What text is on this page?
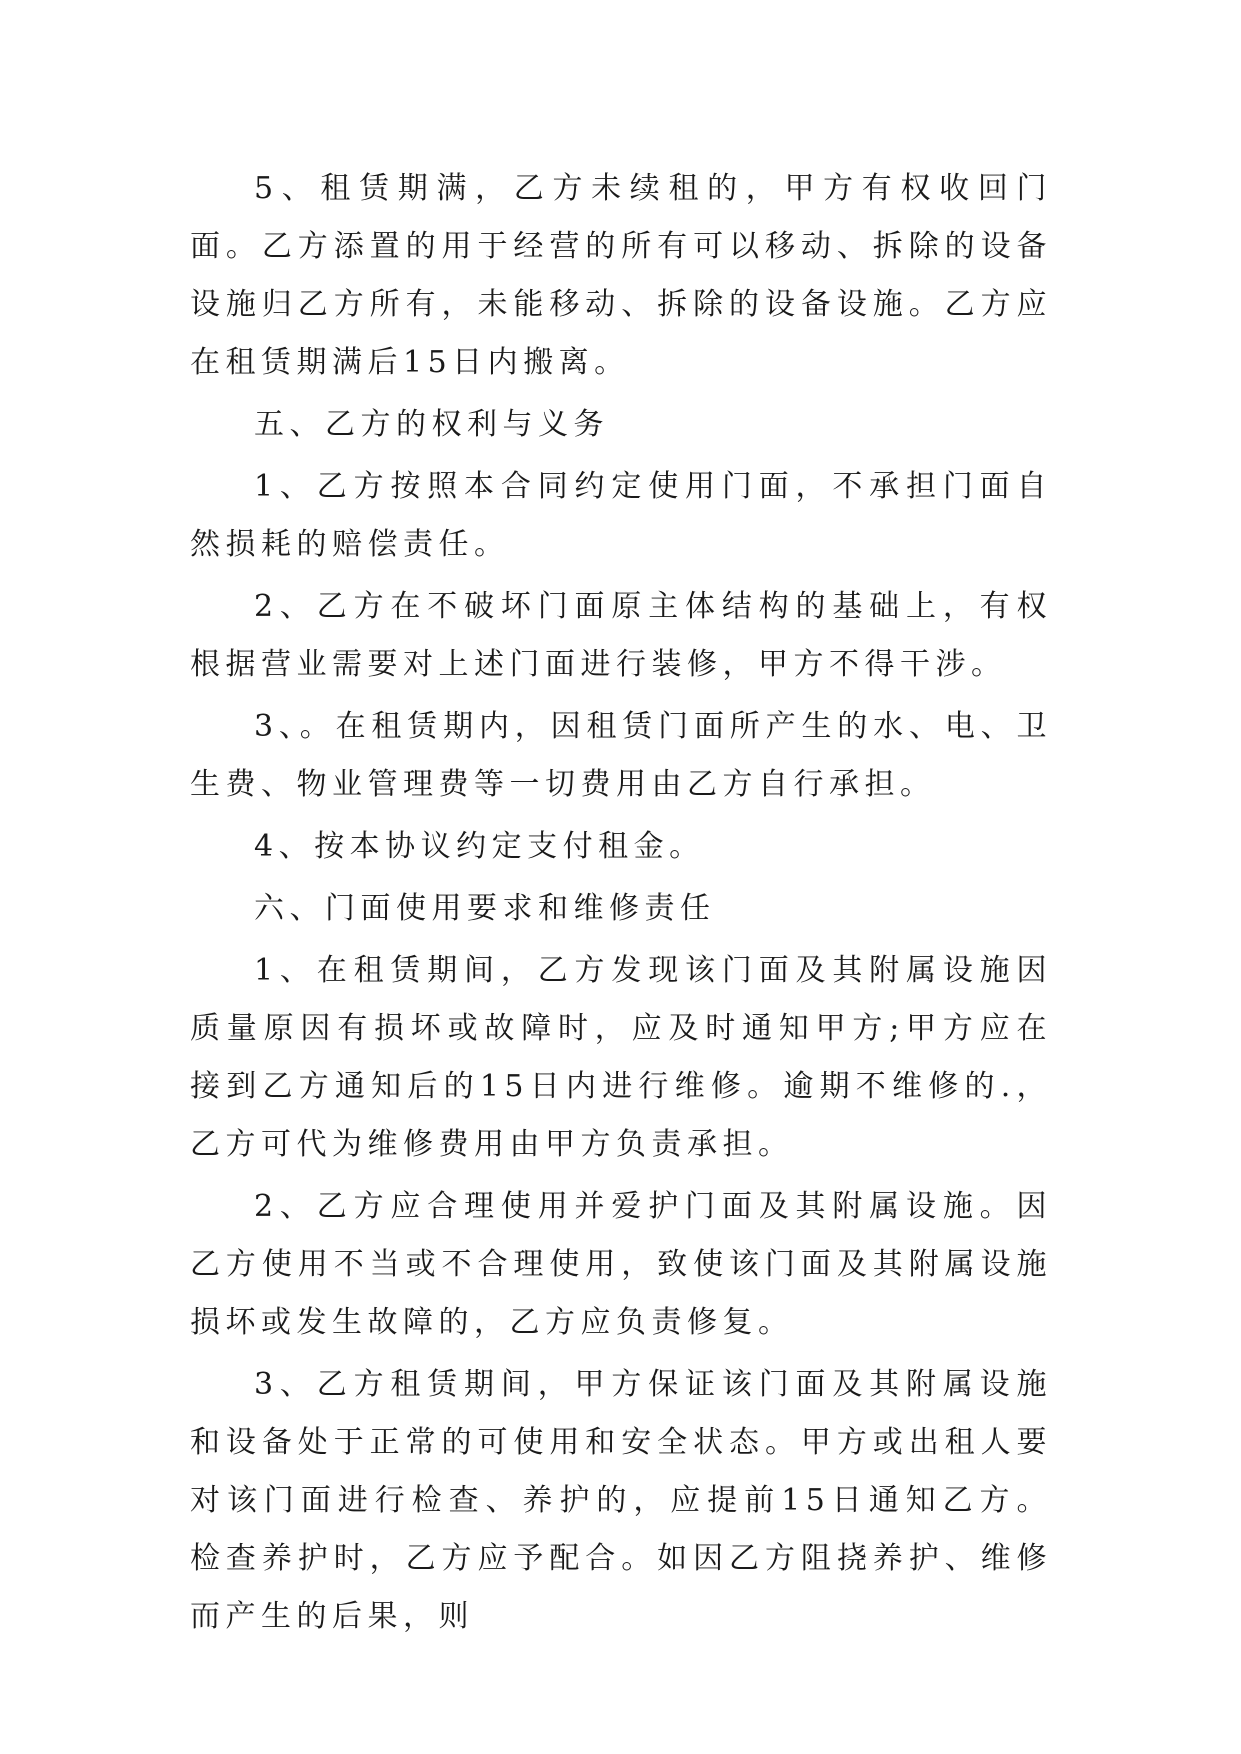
5、租赁期满，乙方未续租的，甲方有权收回门面。乙方添置的用于经营的所有可以移动、拆除的设备设施归乙方所有，未能移动、拆除的设备设施。乙方应在租赁期满后15日内搬离。

五、乙方的权利与义务

1、乙方按照本合同约定使用门面，不承担门面自然损耗的赔偿责任。

2、乙方在不破坏门面原主体结构的基础上，有权根据营业需要对上述门面进行装修，甲方不得干涉。

3、。在租赁期内，因租赁门面所产生的水、电、卫生费、物业管理费等一切费用由乙方自行承担。

4、按本协议约定支付租金。

六、门面使用要求和维修责任

1、在租赁期间，乙方发现该门面及其附属设施因质量原因有损坏或故障时，应及时通知甲方;甲方应在接到乙方通知后的15日内进行维修。逾期不维修的.，乙方可代为维修费用由甲方负责承担。

2、乙方应合理使用并爱护门面及其附属设施。因乙方使用不当或不合理使用，致使该门面及其附属设施损坏或发生故障的，乙方应负责修复。

3、乙方租赁期间，甲方保证该门面及其附属设施和设备处于正常的可使用和安全状态。甲方或出租人要对该门面进行检查、养护的，应提前15日通知乙方。检查养护时，乙方应予配合。如因乙方阻挠养护、维修而产生的后果，则
